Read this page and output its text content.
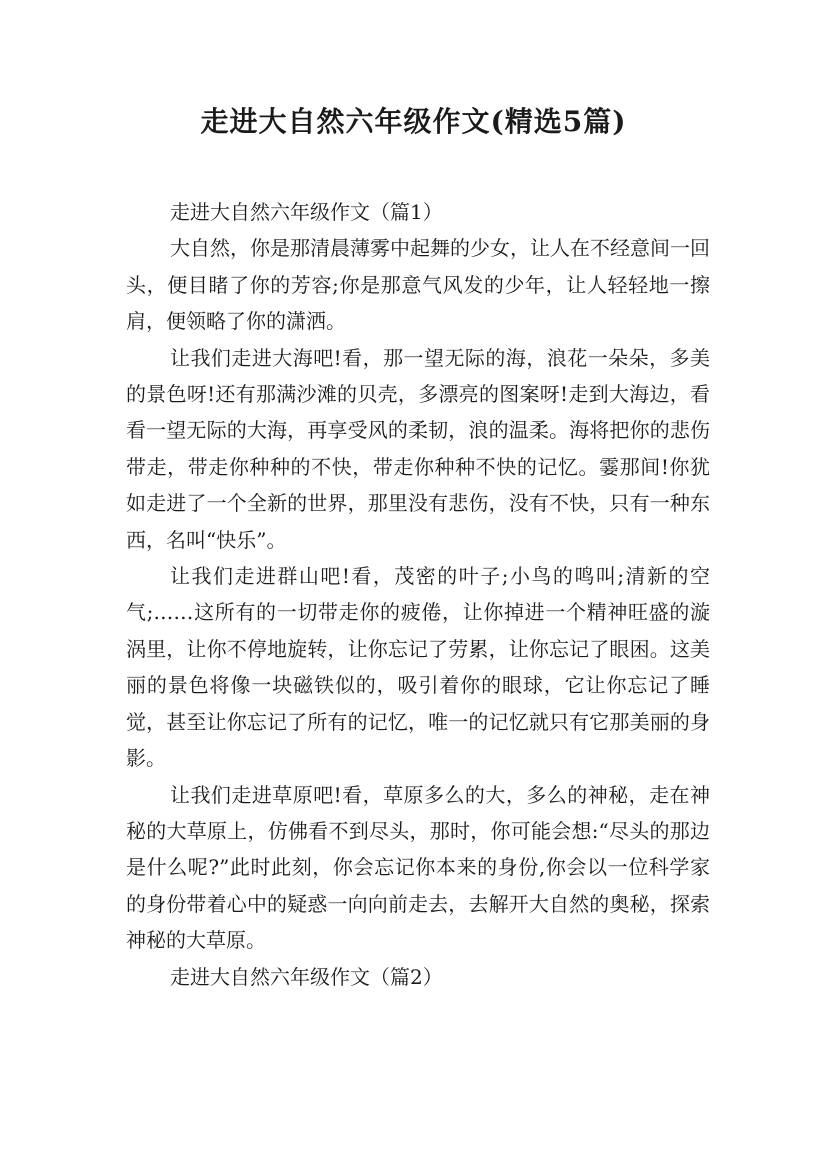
走进大自然六年级作文(精选5篇)

走进大自然六年级作文（篇1）

大自然，你是那清晨薄雾中起舞的少女，让人在不经意间一回头，便目睹了你的芳容;你是那意气风发的少年，让人轻轻地一擦肩，便领略了你的潇洒。

让我们走进大海吧!看，那一望无际的海，浪花一朵朵，多美的景色呀!还有那满沙滩的贝壳，多漂亮的图案呀!走到大海边，看看一望无际的大海，再享受风的柔韧，浪的温柔。海将把你的悲伤带走，带走你种种的不快，带走你种种不快的记忆。霎那间!你犹如走进了一个全新的世界，那里没有悲伤，没有不快，只有一种东西，名叫“快乐”。

让我们走进群山吧!看，茂密的叶子;小鸟的鸣叫;清新的空气;……这所有的一切带走你的疲倦，让你掉进一个精神旺盛的漩涡里，让你不停地旋转，让你忘记了劳累，让你忘记了眼困。这美丽的景色将像一块磁铁似的，吸引着你的眼球，它让你忘记了睡觉，甚至让你忘记了所有的记忆，唯一的记忆就只有它那美丽的身影。

让我们走进草原吧!看，草原多么的大，多么的神秘，走在神秘的大草原上，仿佛看不到尽头，那时，你可能会想:“尽头的那边是什么呢?”此时此刻，你会忘记你本来的身份,你会以一位科学家的身份带着心中的疑惑一向向前走去，去解开大自然的奥秘，探索神秘的大草原。

走进大自然六年级作文（篇2）
